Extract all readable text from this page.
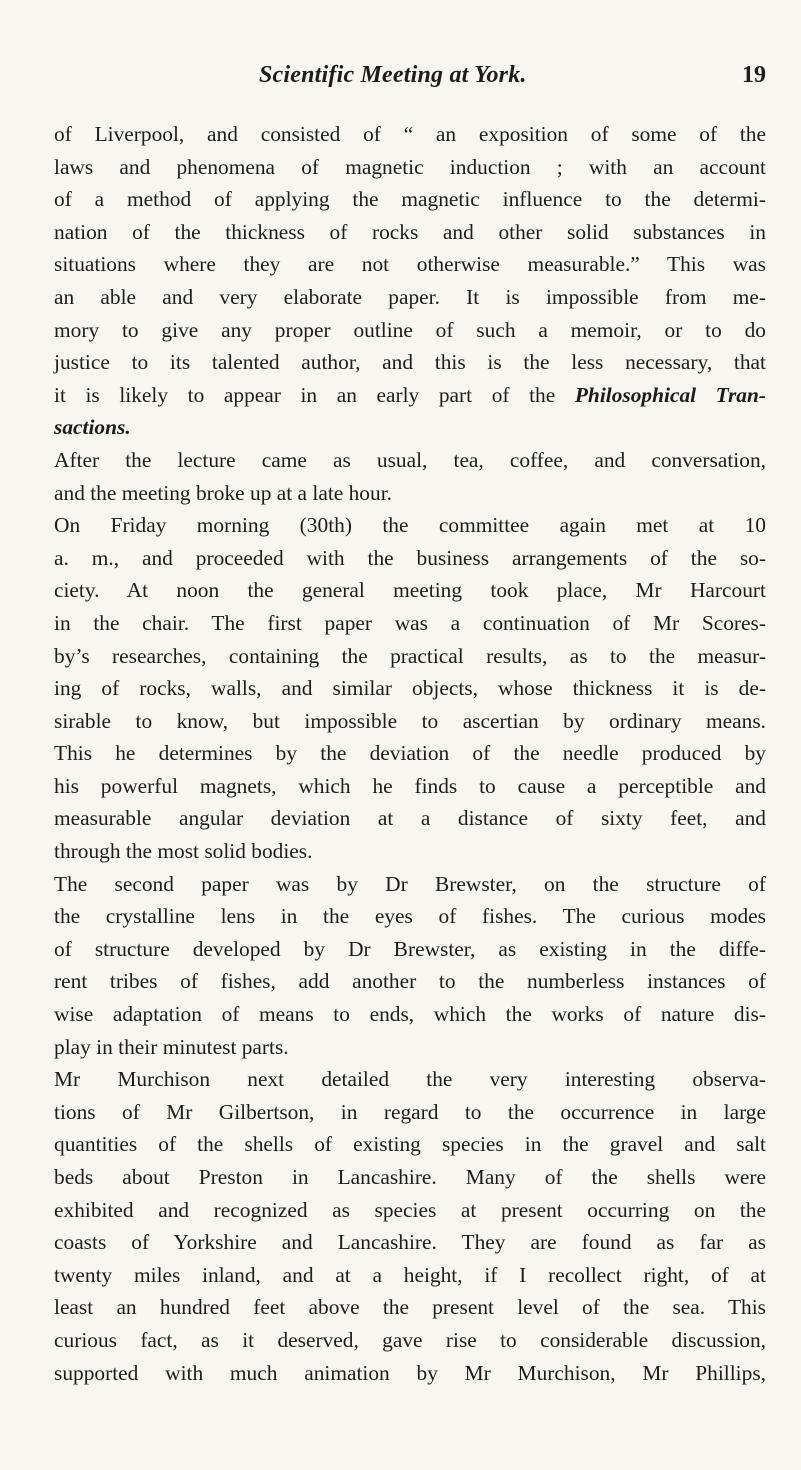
Scientific Meeting at York.	19
of Liverpool, and consisted of “ an exposition of some of the
laws and phenomena of magnetic induction ; with an account
of a method of applying the magnetic influence to the determi-
nation of the thickness of rocks and other solid substances in
situations where they are not otherwise measurable.” This was
an able and very elaborate paper. It is impossible from me-
mory to give any proper outline of such a memoir, or to do
justice to its talented author, and this is the less necessary, that
it is likely to appear in an early part of the Philosophical Tran-
sactions.
After the lecture came as usual, tea, coffee, and conversation,
and the meeting broke up at a late hour.
On Friday morning (30th) the committee again met at 10
a. m., and proceeded with the business arrangements of the so-
ciety. At noon the general meeting took place, Mr Harcourt
in the chair. The first paper was a continuation of Mr Scores-
by’s researches, containing the practical results, as to the measur-
ing of rocks, walls, and similar objects, whose thickness it is de-
sirable to know, but impossible to ascertian by ordinary means.
This he determines by the deviation of the needle produced by
his powerful magnets, which he finds to cause a perceptible and
measurable angular deviation at a distance of sixty feet, and
through the most solid bodies.
The second paper was by Dr Brewster, on the structure of
the crystalline lens in the eyes of fishes. The curious modes
of structure developed by Dr Brewster, as existing in the diffe-
rent tribes of fishes, add another to the numberless instances of
wise adaptation of means to ends, which the works of nature dis-
play in their minutest parts.
Mr Murchison next detailed the very interesting observa-
tions of Mr Gilbertson, in regard to the occurrence in large
quantities of the shells of existing species in the gravel and salt
beds about Preston in Lancashire. Many of the shells were
exhibited and recognized as species at present occurring on the
coasts of Yorkshire and Lancashire. They are found as far as
twenty miles inland, and at a height, if I recollect right, of at
least an hundred feet above the present level of the sea. This
curious fact, as it deserved, gave rise to considerable discussion,
supported with much animation by Mr Murchison, Mr Phillips,
